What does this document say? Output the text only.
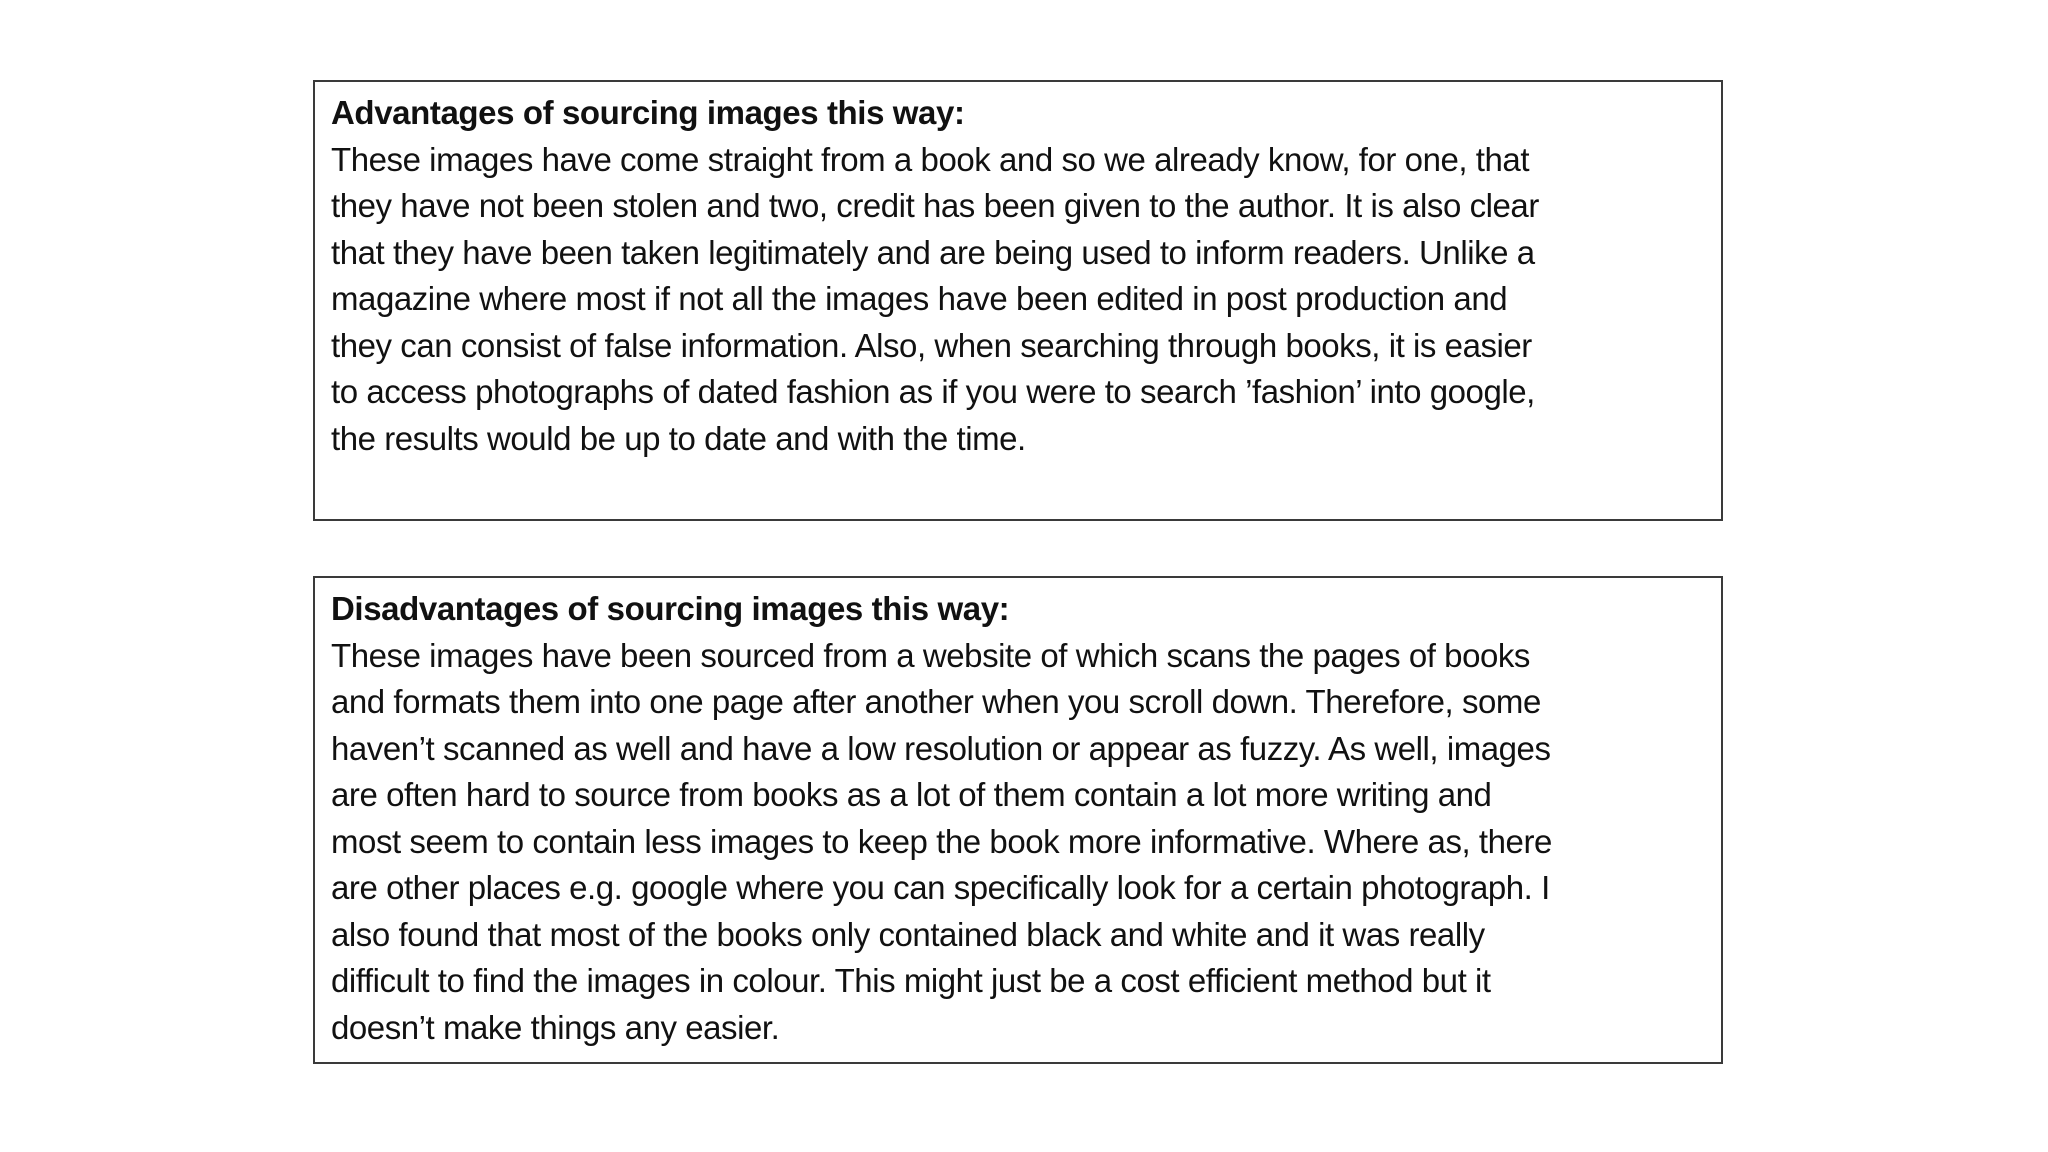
Advantages of sourcing images this way:

These images have come straight from a book and so we already know, for one, that

they have not been stolen and two, credit has been given to the author. It is also clear

that they have been taken legitimately and are being used to inform readers. Unlike a

magazine where most if not all the images have been edited in post production and

they can consist of false information. Also, when searching through books, it is easier

to access photographs of dated fashion as if you were to search ’fashion’ into google,

the results would be up to date and with the time.

Disadvantages of sourcing images this way:

These images have been sourced from a website of which scans the pages of books

and formats them into one page after another when you scroll down. Therefore, some

haven’t scanned as well and have a low resolution or appear as fuzzy. As well, images

are often hard to source from books as a lot of them contain a lot more writing and

most seem to contain less images to keep the book more informative. Where as, there

are other places e.g. google where you can specifically look for a certain photograph. I

also found that most of the books only contained black and white and it was really

difficult to find the images in colour. This might just be a cost efficient method but it

doesn’t make things any easier.
